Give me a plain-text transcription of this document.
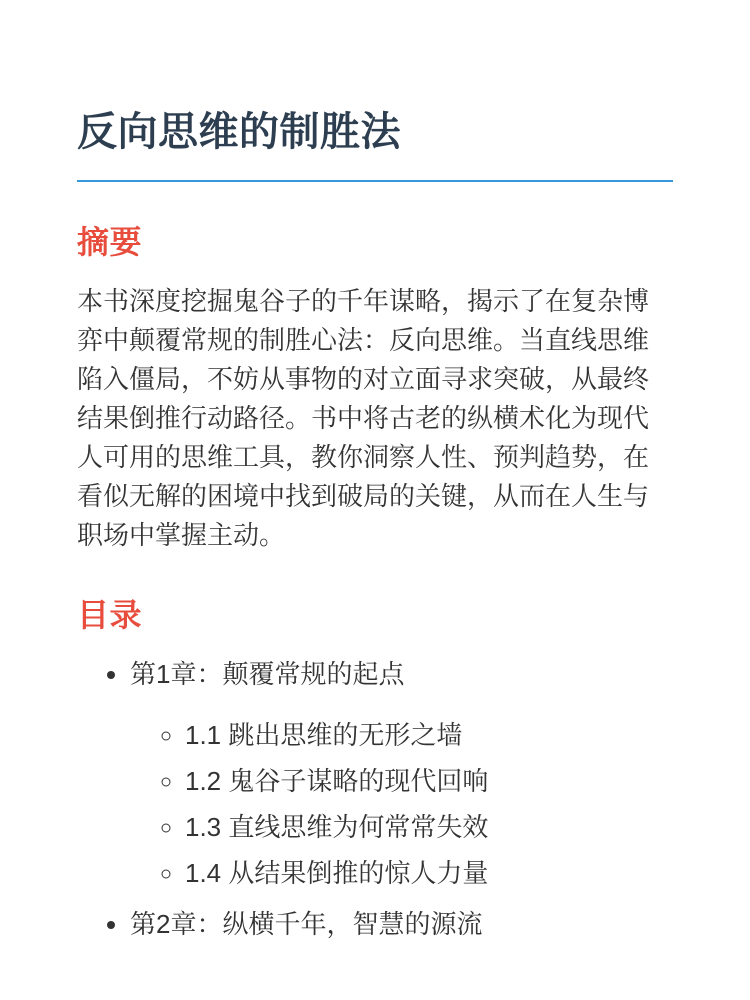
反向思维的制胜法
摘要

本书深度挖掘鬼谷子的千年谋略，揭示了在复杂博弈中颠覆常规的制胜心法：反向思维。当直线思维陷入僵局，不妨从事物的对立面寻求突破，从最终结果倒推行动路径。书中将古老的纵横术化为现代人可用的思维工具，教你洞察人性、预判趋势，在看似无解的困境中找到破局的关键，从而在人生与职场中掌握主动。

目录
• 第1章：颠覆常规的起点
◦ 1.1 跳出思维的无形之墙
◦ 1.2 鬼谷子谋略的现代回响
◦ 1.3 直线思维为何常常失效
◦ 1.4 从结果倒推的惊人力量
• 第2章：纵横千年，智慧的源流
